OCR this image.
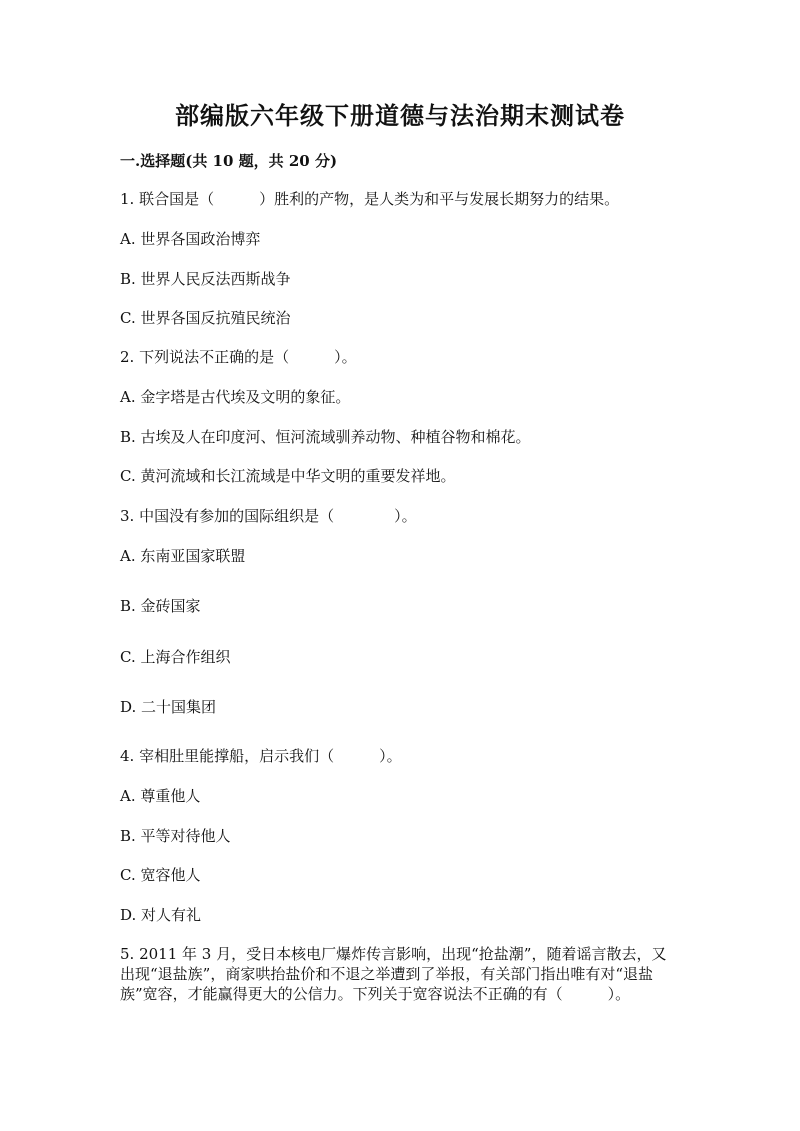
部编版六年级下册道德与法治期末测试卷
一.选择题(共 10 题，共 20 分)
1. 联合国是（　　　）胜利的产物，是人类为和平与发展长期努力的结果。
A. 世界各国政治博弈
B. 世界人民反法西斯战争
C. 世界各国反抗殖民统治
2. 下列说法不正确的是（　　　）。
A. 金字塔是古代埃及文明的象征。
B. 古埃及人在印度河、恒河流域驯养动物、种植谷物和棉花。
C. 黄河流域和长江流域是中华文明的重要发祥地。
3. 中国没有参加的国际组织是（　　　　）。
A. 东南亚国家联盟
B. 金砖国家
C. 上海合作组织
D. 二十国集团
4. 宰相肚里能撑船，启示我们（　　　）。
A. 尊重他人
B. 平等对待他人
C. 宽容他人
D. 对人有礼
5. 2011 年 3 月，受日本核电厂爆炸传言影响，出现“抢盐潮”，随着谣言散去，又出现“退盐族”，商家哄抬盐价和不退之举遭到了举报，有关部门指出唯有对“退盐族”宽容，才能赢得更大的公信力。下列关于宽容说法不正确的有（　　　）。
